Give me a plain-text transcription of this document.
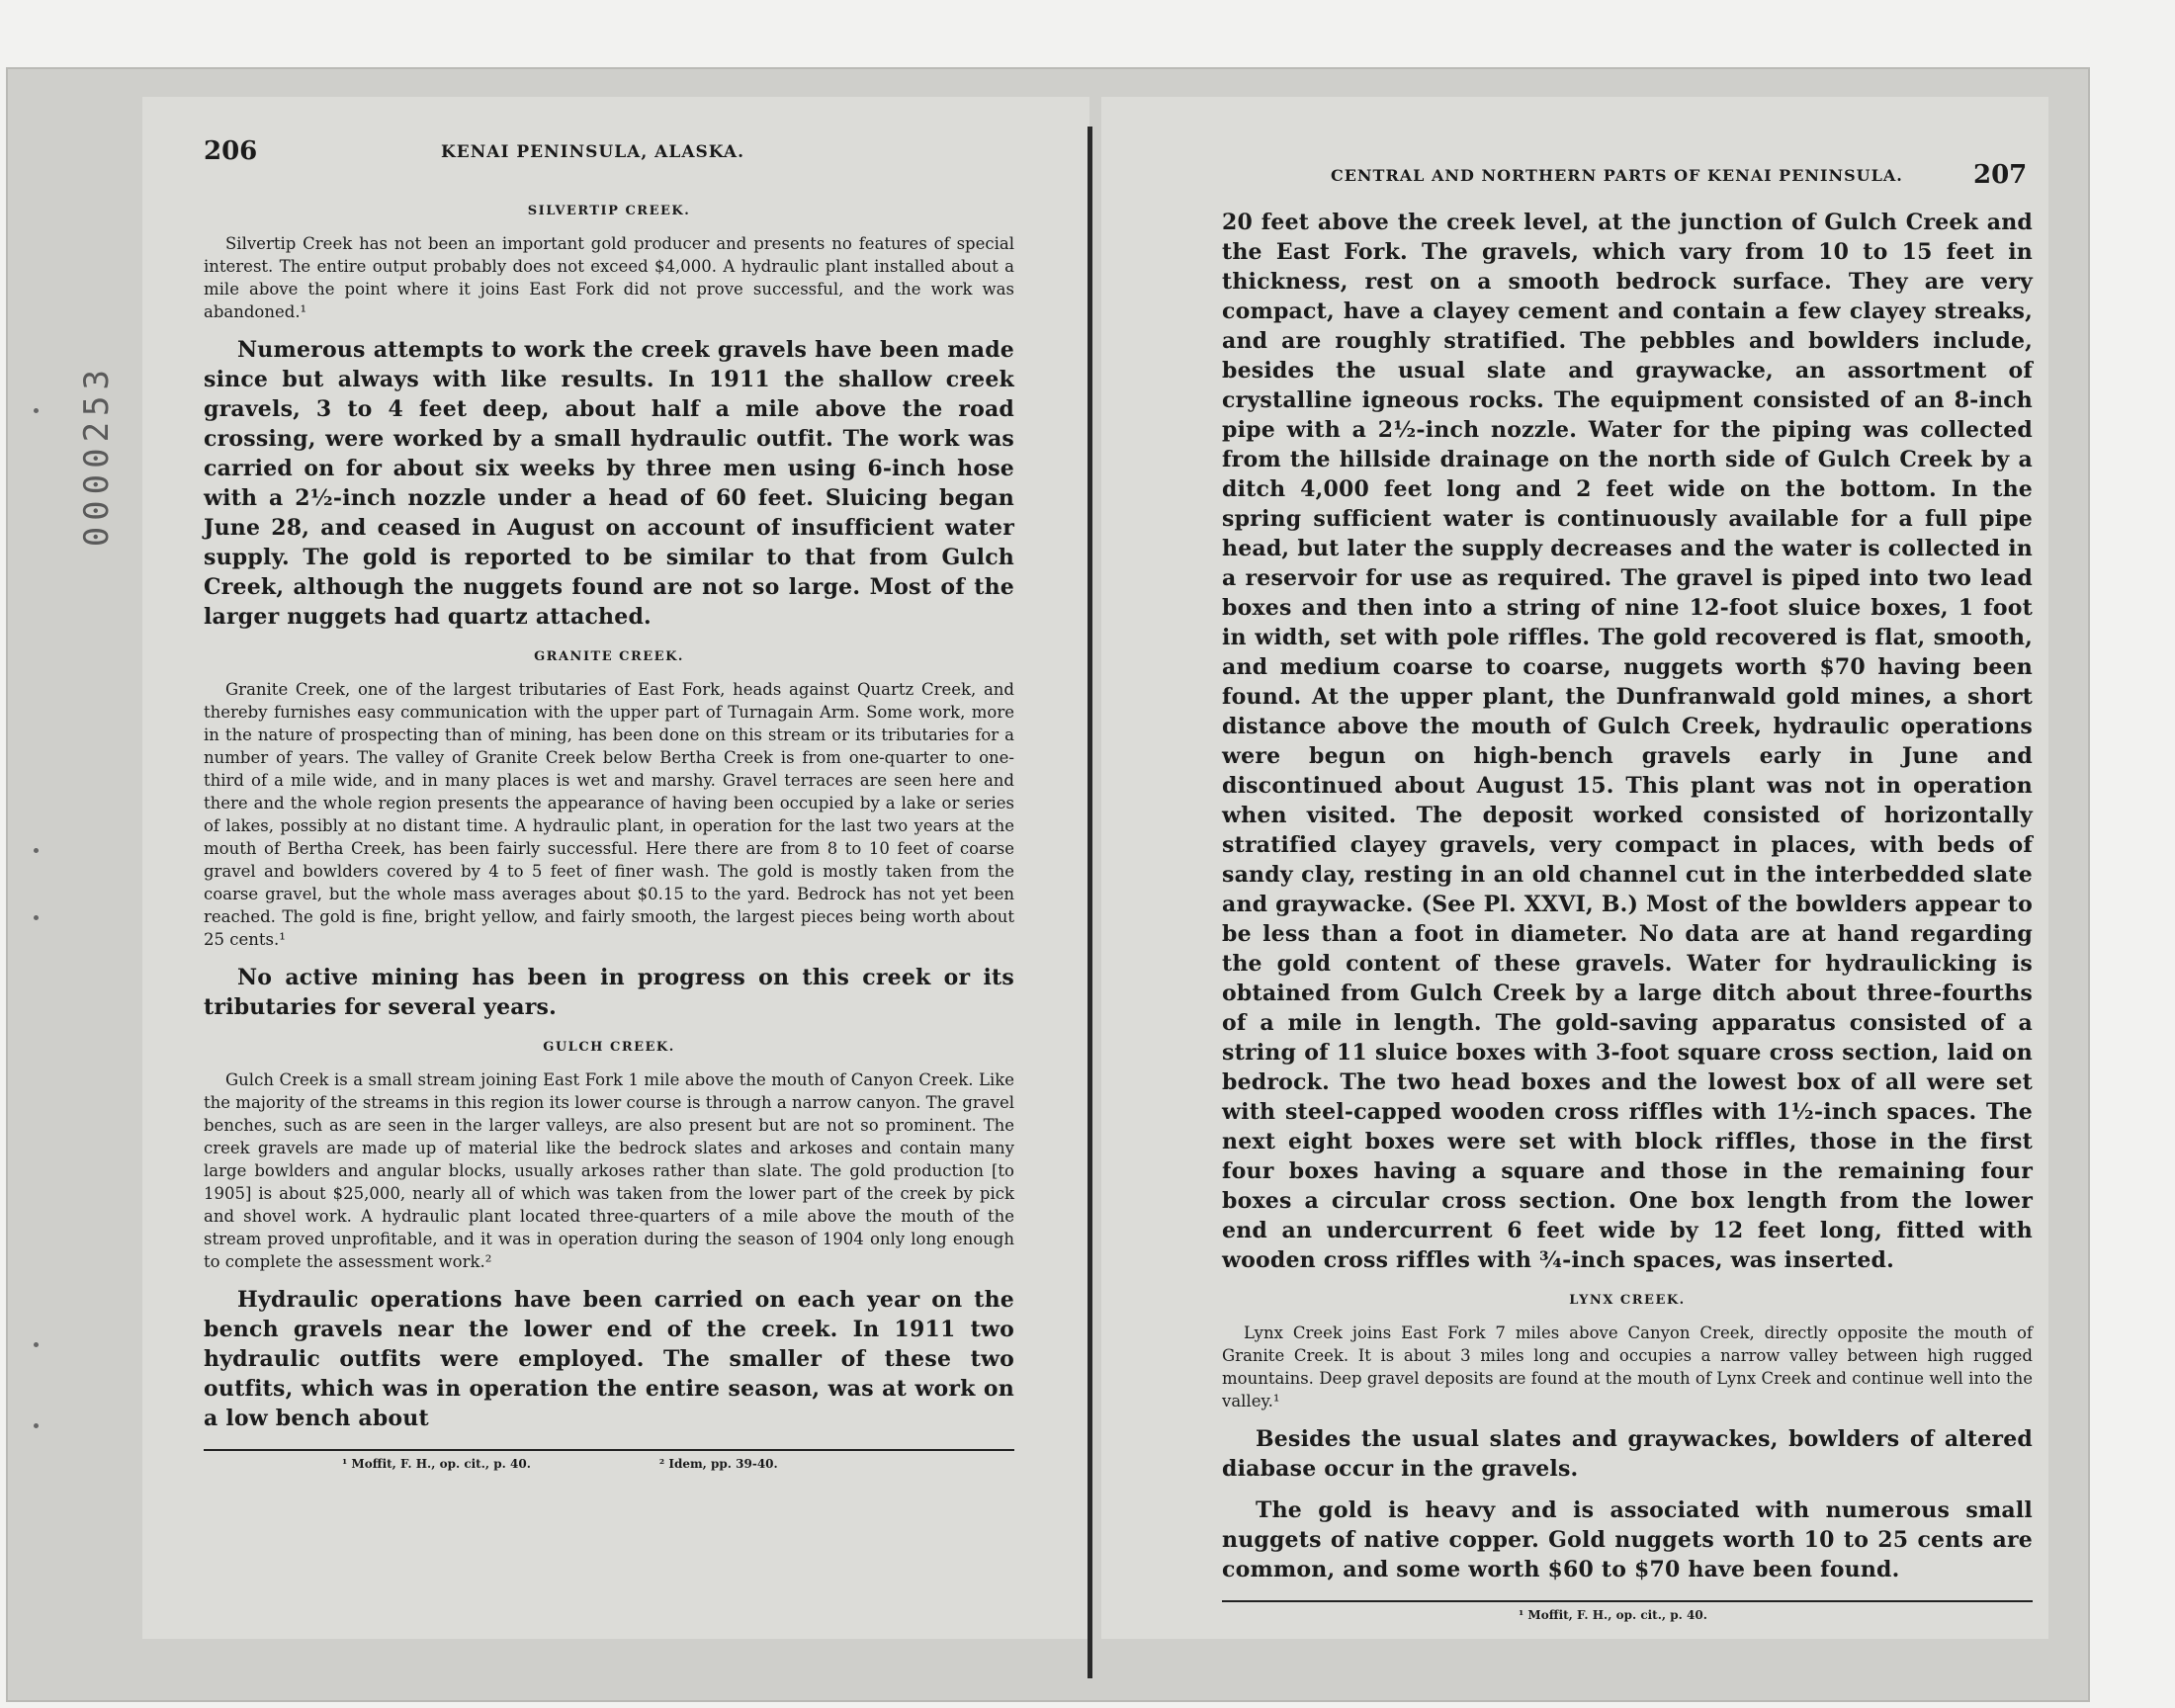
0000253
206	KENAI PENINSULA, ALASKA.
SILVERTIP CREEK.

Silvertip Creek has not been an important gold producer and presents no features of special interest. The entire output probably does not exceed $4,000. A hydraulic plant installed about a mile above the point where it joins East Fork did not prove successful, and the work was abandoned.¹

Numerous attempts to work the creek gravels have been made since but always with like results. In 1911 the shallow creek gravels, 3 to 4 feet deep, about half a mile above the road crossing, were worked by a small hydraulic outfit. The work was carried on for about six weeks by three men using 6-inch hose with a 2½-inch nozzle under a head of 60 feet. Sluicing began June 28, and ceased in August on account of insufficient water supply. The gold is reported to be similar to that from Gulch Creek, although the nuggets found are not so large. Most of the larger nuggets had quartz attached.

GRANITE CREEK.

Granite Creek, one of the largest tributaries of East Fork, heads against Quartz Creek, and thereby furnishes easy communication with the upper part of Turnagain Arm. Some work, more in the nature of prospecting than of mining, has been done on this stream or its tributaries for a number of years. The valley of Granite Creek below Bertha Creek is from one-quarter to one-third of a mile wide, and in many places is wet and marshy. Gravel terraces are seen here and there and the whole region presents the appearance of having been occupied by a lake or series of lakes, possibly at no distant time. A hydraulic plant, in operation for the last two years at the mouth of Bertha Creek, has been fairly successful. Here there are from 8 to 10 feet of coarse gravel and bowlders covered by 4 to 5 feet of finer wash. The gold is mostly taken from the coarse gravel, but the whole mass averages about $0.15 to the yard. Bedrock has not yet been reached. The gold is fine, bright yellow, and fairly smooth, the largest pieces being worth about 25 cents.¹

No active mining has been in progress on this creek or its tributaries for several years.

GULCH CREEK.

Gulch Creek is a small stream joining East Fork 1 mile above the mouth of Canyon Creek. Like the majority of the streams in this region its lower course is through a narrow canyon. The gravel benches, such as are seen in the larger valleys, are also present but are not so prominent. The creek gravels are made up of material like the bedrock slates and arkoses and contain many large bowlders and angular blocks, usually arkoses rather than slate. The gold production [to 1905] is about $25,000, nearly all of which was taken from the lower part of the creek by pick and shovel work. A hydraulic plant located three-quarters of a mile above the mouth of the stream proved unprofitable, and it was in operation during the season of 1904 only long enough to complete the assessment work.²

Hydraulic operations have been carried on each year on the bench gravels near the lower end of the creek. In 1911 two hydraulic outfits were employed. The smaller of these two outfits, which was in operation the entire season, was at work on a low bench about

¹ Moffit, F. H., op. cit., p. 40.	² Idem, pp. 39-40.
CENTRAL AND NORTHERN PARTS OF KENAI PENINSULA.	207

20 feet above the creek level, at the junction of Gulch Creek and the East Fork. The gravels, which vary from 10 to 15 feet in thickness, rest on a smooth bedrock surface. They are very compact, have a clayey cement and contain a few clayey streaks, and are roughly stratified. The pebbles and bowlders include, besides the usual slate and graywacke, an assortment of crystalline igneous rocks. The equipment consisted of an 8-inch pipe with a 2½-inch nozzle. Water for the piping was collected from the hillside drainage on the north side of Gulch Creek by a ditch 4,000 feet long and 2 feet wide on the bottom. In the spring sufficient water is continuously available for a full pipe head, but later the supply decreases and the water is collected in a reservoir for use as required. The gravel is piped into two lead boxes and then into a string of nine 12-foot sluice boxes, 1 foot in width, set with pole riffles. The gold recovered is flat, smooth, and medium coarse to coarse, nuggets worth $70 having been found. At the upper plant, the Dunfranwald gold mines, a short distance above the mouth of Gulch Creek, hydraulic operations were begun on high-bench gravels early in June and discontinued about August 15. This plant was not in operation when visited. The deposit worked consisted of horizontally stratified clayey gravels, very compact in places, with beds of sandy clay, resting in an old channel cut in the interbedded slate and graywacke. (See Pl. XXVI, B.) Most of the bowlders appear to be less than a foot in diameter. No data are at hand regarding the gold content of these gravels. Water for hydraulicking is obtained from Gulch Creek by a large ditch about three-fourths of a mile in length. The gold-saving apparatus consisted of a string of 11 sluice boxes with 3-foot square cross section, laid on bedrock. The two head boxes and the lowest box of all were set with steel-capped wooden cross riffles with 1½-inch spaces. The next eight boxes were set with block riffles, those in the first four boxes having a square and those in the remaining four boxes a circular cross section. One box length from the lower end an undercurrent 6 feet wide by 12 feet long, fitted with wooden cross riffles with ¾-inch spaces, was inserted.

LYNX CREEK.

Lynx Creek joins East Fork 7 miles above Canyon Creek, directly opposite the mouth of Granite Creek. It is about 3 miles long and occupies a narrow valley between high rugged mountains. Deep gravel deposits are found at the mouth of Lynx Creek and continue well into the valley.¹

Besides the usual slates and graywackes, bowlders of altered diabase occur in the gravels.

The gold is heavy and is associated with numerous small nuggets of native copper. Gold nuggets worth 10 to 25 cents are common, and some worth $60 to $70 have been found.

¹ Moffit, F. H., op. cit., p. 40.
